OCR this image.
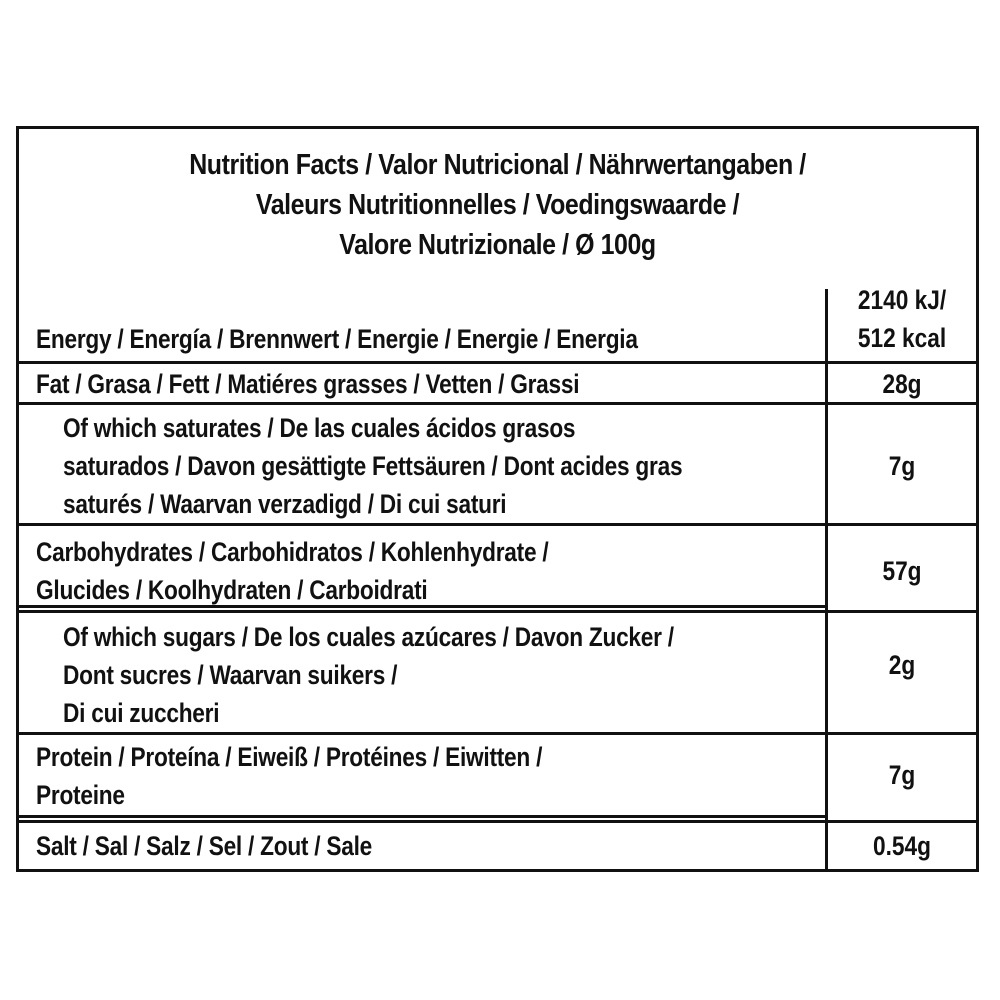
Nutrition Facts / Valor Nutricional / Nährwertangaben /
Valeurs Nutritionnelles / Voedingswaarde /
Valore Nutrizionale / Ø 100g
Energy / Energía / Brennwert / Energie / Energie / Energia
2140 kJ/
512 kcal
Fat / Grasa / Fett / Matiéres grasses / Vetten / Grassi	28g
Of which saturates / De las cuales ácidos grasos
saturados / Davon gesättigte Fettsäuren / Dont acides gras
saturés / Waarvan verzadigd / Di cui saturi
7g
Carbohydrates / Carbohidratos / Kohlenhydrate /
Glucides / Koolhydraten / Carboidrati
57g
Of which sugars / De los cuales azúcares / Davon Zucker /
Dont sucres / Waarvan suikers /
Di cui zuccheri
2g
Protein / Proteína / Eiweiß / Protéines / Eiwitten /
Proteine
7g
Salt / Sal / Salz / Sel / Zout / Sale	0.54g
